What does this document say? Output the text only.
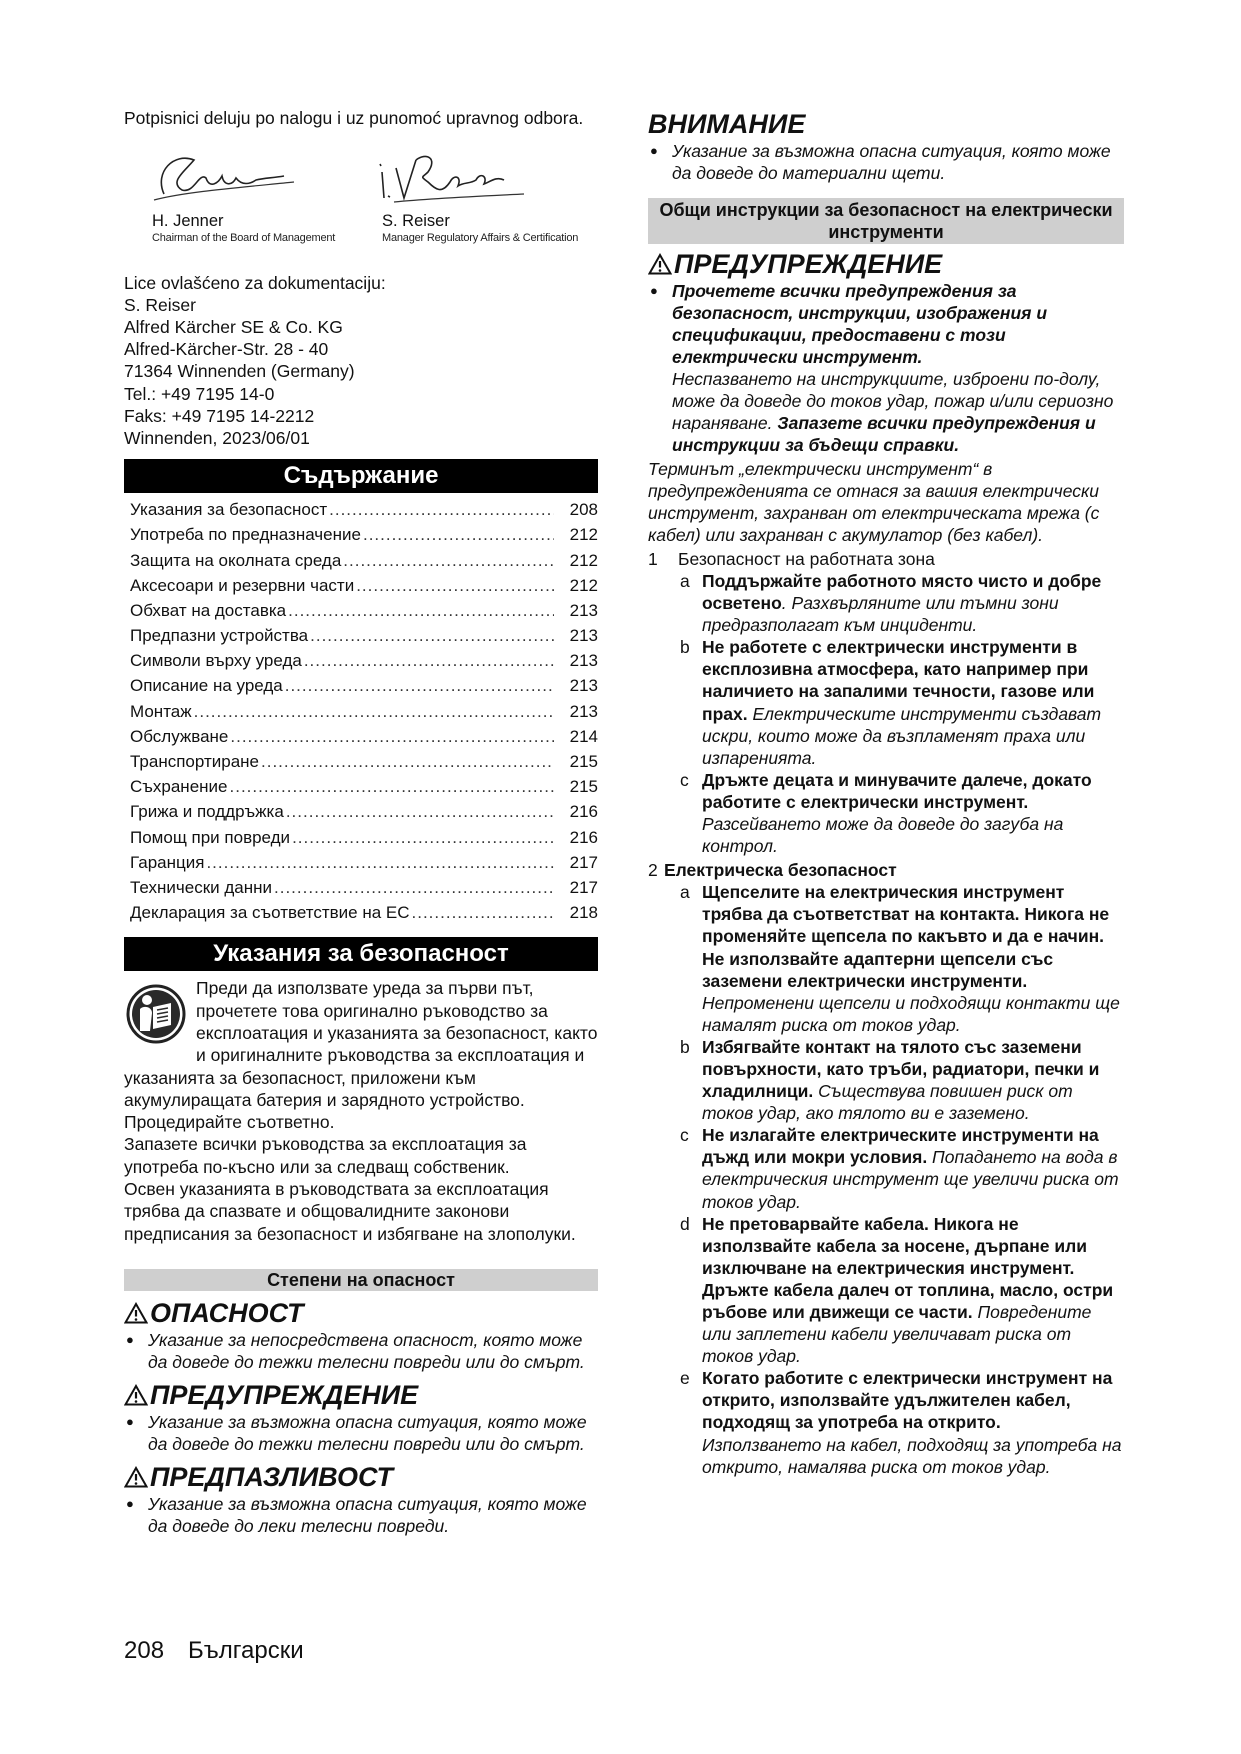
Potpisnici deluju po nalogu i uz punomoć upravnog odbora.

H. Jenner
Chairman of the Board of Management
S. Reiser
Manager Regulatory Affairs & Certification
Lice ovlašćeno za dokumentaciju:
S. Reiser
Alfred Kärcher SE & Co. KG
Alfred-Kärcher-Str. 28 - 40
71364 Winnenden (Germany)
Tel.: +49 7195 14-0
Faks: +49 7195 14-2212
Winnenden, 2023/06/01
Съдържание
Указания за безопасност .....	208
Употреба по предназначение .....	212
Защита на околната среда .....	212
Аксесоари и резервни части .....	212
Обхват на доставка .....	213
Предпазни устройства .....	213
Символи върху уреда .....	213
Описание на уреда .....	213
Монтаж .....	213
Обслужване .....	214
Транспортиране .....	215
Съхранение .....	215
Грижа и поддръжка .....	216
Помощ при повреди .....	216
Гаранция .....	217
Технически данни .....	217
Декларация за съответствие на ЕС .....	218
Указания за безопасност

Преди да използвате уреда за първи път, прочетете това оригинално ръководство за експлоатация и указанията за безопасност, както и оригиналните ръководства за експлоатация и указанията за безопасност, приложени към акумулиращата батерия и зарядното устройство.

Процедирайте съответно.

Запазете всички ръководства за експлоатация за употреба по-късно или за следващ собственик.

Освен указанията в ръководствата за експлоатация трябва да спазвате и общовалидните законови предписания за безопасност и избягване на злополуки.

Степени на опасност
ОПАСНОСТ
● Указание за непосредствена опасност, която може да доведе до тежки телесни повреди или до смърт.
ПРЕДУПРЕЖДЕНИЕ
● Указание за възможна опасна ситуация, която може да доведе до тежки телесни повреди или до смърт.
ПРЕДПАЗЛИВОСТ
● Указание за възможна опасна ситуация, която може да доведе до леки телесни повреди.
ВНИМАНИЕ
● Указание за възможна опасна ситуация, която може да доведе до материални щети.
Общи инструкции за безопасност на електрически инструменти
ПРЕДУПРЕЖДЕНИЕ
● Прочетете всички предупреждения за безопасност, инструкции, изображения и спецификации, предоставени с този електрически инструмент.
Неспазването на инструкциите, изброени по-долу, може да доведе до токов удар, пожар и/или сериозно нараняване. Запазете всички предупреждения и инструкции за бъдещи справки.

Терминът „електрически инструмент“ в предупрежденията се отнася за вашия електрически инструмент, захранван от електрическата мрежа (с кабел) или захранван с акумулатор (без кабел).

1	Безопасност на работната зона
a Поддържайте работното място чисто и добре осветено. Разхвърляните или тъмни зони предразполагат към инциденти.
b Не работете с електрически инструменти в експлозивна атмосфера, като например при наличието на запалими течности, газове или прах. Електрическите инструменти създават искри, които може да възпламенят праха или изпаренията.
c Дръжте децата и минувачите далече, докато работите с електрически инструмент. Разсейването може да доведе до загуба на контрол.
2 Електрическа безопасност
a Щепселите на електрическия инструмент трябва да съответстват на контакта. Никога не променяйте щепсела по какъвто и да е начин. Не използвайте адаптерни щепсели със заземени електрически инструменти. Непроменени щепсели и подходящи контакти ще намалят риска от токов удар.
b Избягвайте контакт на тялото със заземени повърхности, като тръби, радиатори, печки и хладилници. Съществува повишен риск от токов удар, ако тялото ви е заземено.
c Не излагайте електрическите инструменти на дъжд или мокри условия. Попадането на вода в електрическия инструмент ще увеличи риска от токов удар.
d Не претоварвайте кабела. Никога не използвайте кабела за носене, дърпане или изключване на електрическия инструмент. Дръжте кабела далеч от топлина, масло, остри ръбове или движещи се части. Повредените или заплетени кабели увеличават риска от токов удар.
e Когато работите с електрически инструмент на открито, използвайте удължителен кабел, подходящ за употреба на открито. Използването на кабел, подходящ за употреба на открито, намалява риска от токов удар.
208 Български
